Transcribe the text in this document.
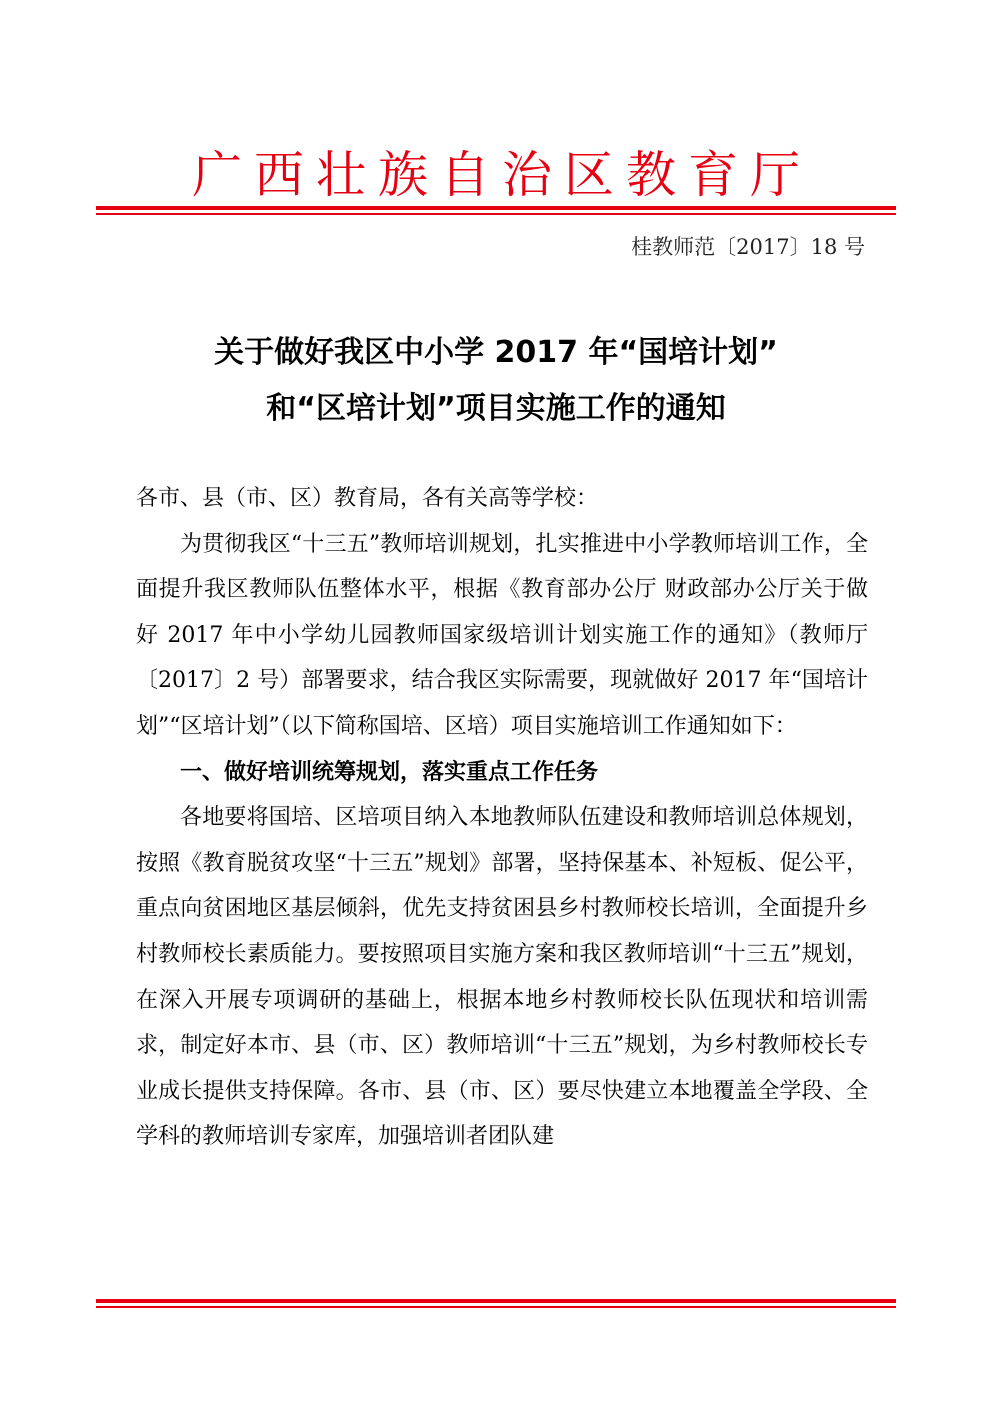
广西壮族自治区教育厅
桂教师范〔2017〕18 号
关于做好我区中小学 2017 年“国培计划”
和“区培计划”项目实施工作的通知

各市、县（市、区）教育局，各有关高等学校：

为贯彻我区“十三五”教师培训规划，扎实推进中小学教师培训工作，全面提升我区教师队伍整体水平，根据《教育部办公厅 财政部办公厅关于做好 2017 年中小学幼儿园教师国家级培训计划实施工作的通知》（教师厅〔2017〕2 号）部署要求，结合我区实际需要，现就做好 2017 年“国培计划”“区培计划”（以下简称国培、区培）项目实施培训工作通知如下：

一、做好培训统筹规划，落实重点工作任务

各地要将国培、区培项目纳入本地教师队伍建设和教师培训总体规划，按照《教育脱贫攻坚“十三五”规划》部署，坚持保基本、补短板、促公平，重点向贫困地区基层倾斜，优先支持贫困县乡村教师校长培训，全面提升乡村教师校长素质能力。要按照项目实施方案和我区教师培训“十三五”规划，在深入开展专项调研的基础上，根据本地乡村教师校长队伍现状和培训需求，制定好本市、县（市、区）教师培训“十三五”规划，为乡村教师校长专业成长提供支持保障。各市、县（市、区）要尽快建立本地覆盖全学段、全学科的教师培训专家库，加强培训者团队建
